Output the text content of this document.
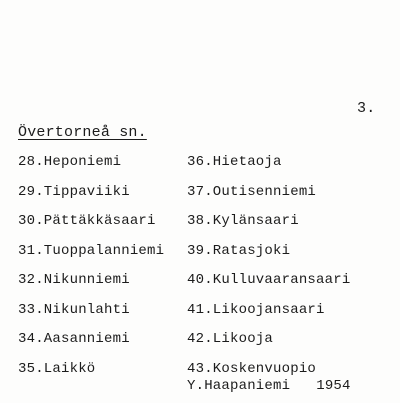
3.
Övertorneå sn.
28.Heponiemi
29.Tippaviiki
30.Pättäkkäsaari
31.Tuoppalanniemi
32.Nikunniemi
33.Nikunlahti
34.Aasanniemi
35.Laikkö
36.Hietaoja
37.Outisenniemi
38.Kylänsaari
39.Ratasjoki
40.Kulluvaaransaari
41.Likoojansaari
42.Likooja
43.Koskenvuopio
Y.Haapaniemi 1954
